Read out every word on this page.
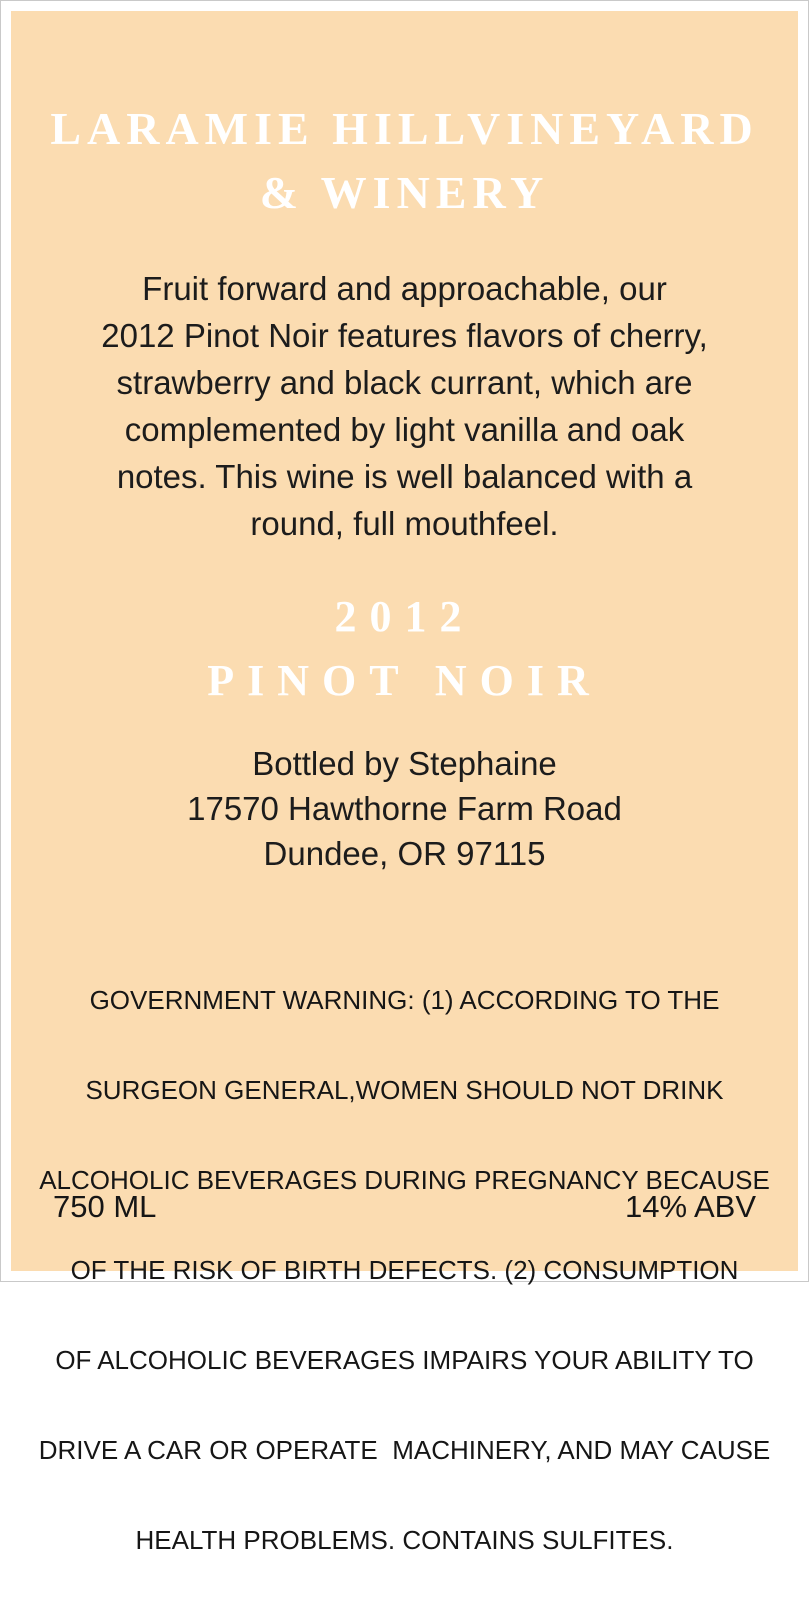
LARAMIE HILLVINEYARD
& WINERY
Fruit forward and approachable, our
2012 Pinot Noir features flavors of cherry,
strawberry and black currant, which are
complemented by light vanilla and oak
notes. This wine is well balanced with a
round, full mouthfeel.
2012
PINOT NOIR
Bottled by Stephaine
17570 Hawthorne Farm Road
Dundee, OR 97115

GOVERNMENT WARNING: (1) ACCORDING TO THE

SURGEON GENERAL,WOMEN SHOULD NOT DRINK

ALCOHOLIC BEVERAGES DURING PREGNANCY BECAUSE

OF THE RISK OF BIRTH DEFECTS. (2) CONSUMPTION

OF ALCOHOLIC BEVERAGES IMPAIRS YOUR ABILITY TO

DRIVE A CAR OR OPERATE  MACHINERY, AND MAY CAUSE

HEALTH PROBLEMS. CONTAINS SULFITES.

750 ML	14% ABV
